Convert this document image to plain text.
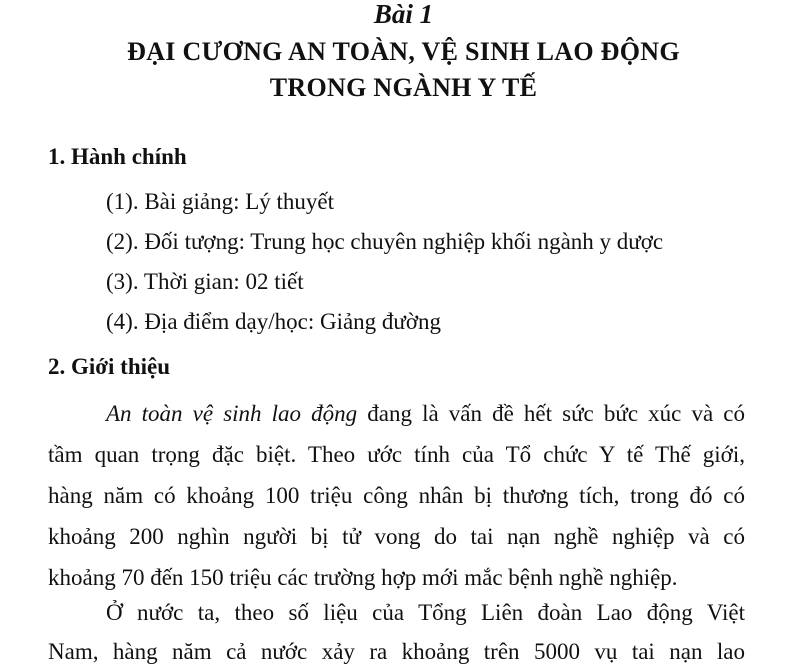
Bài 1
ĐẠI CƯƠNG AN TOÀN, VỆ SINH LAO ĐỘNG
TRONG NGÀNH Y TẾ
1. Hành chính
(1). Bài giảng: Lý thuyết
(2). Đối tượng: Trung học chuyên nghiệp khối ngành y dược
(3). Thời gian: 02 tiết
(4). Địa điểm dạy/học: Giảng đường
2. Giới thiệu
An toàn vệ sinh lao động đang là vấn đề hết sức bức xúc và có
tầm quan trọng đặc biệt. Theo ước tính của Tổ chức Y tế Thế giới,
hàng năm có khoảng 100 triệu công nhân bị thương tích, trong đó có
khoảng 200 nghìn người bị tử vong do tai nạn nghề nghiệp và có
khoảng 70 đến 150 triệu các trường hợp mới mắc bệnh nghề nghiệp.
Ở nước ta, theo số liệu của Tổng Liên đoàn Lao động Việt
Nam, hàng năm cả nước xảy ra khoảng trên 5000 vụ tai nạn lao
